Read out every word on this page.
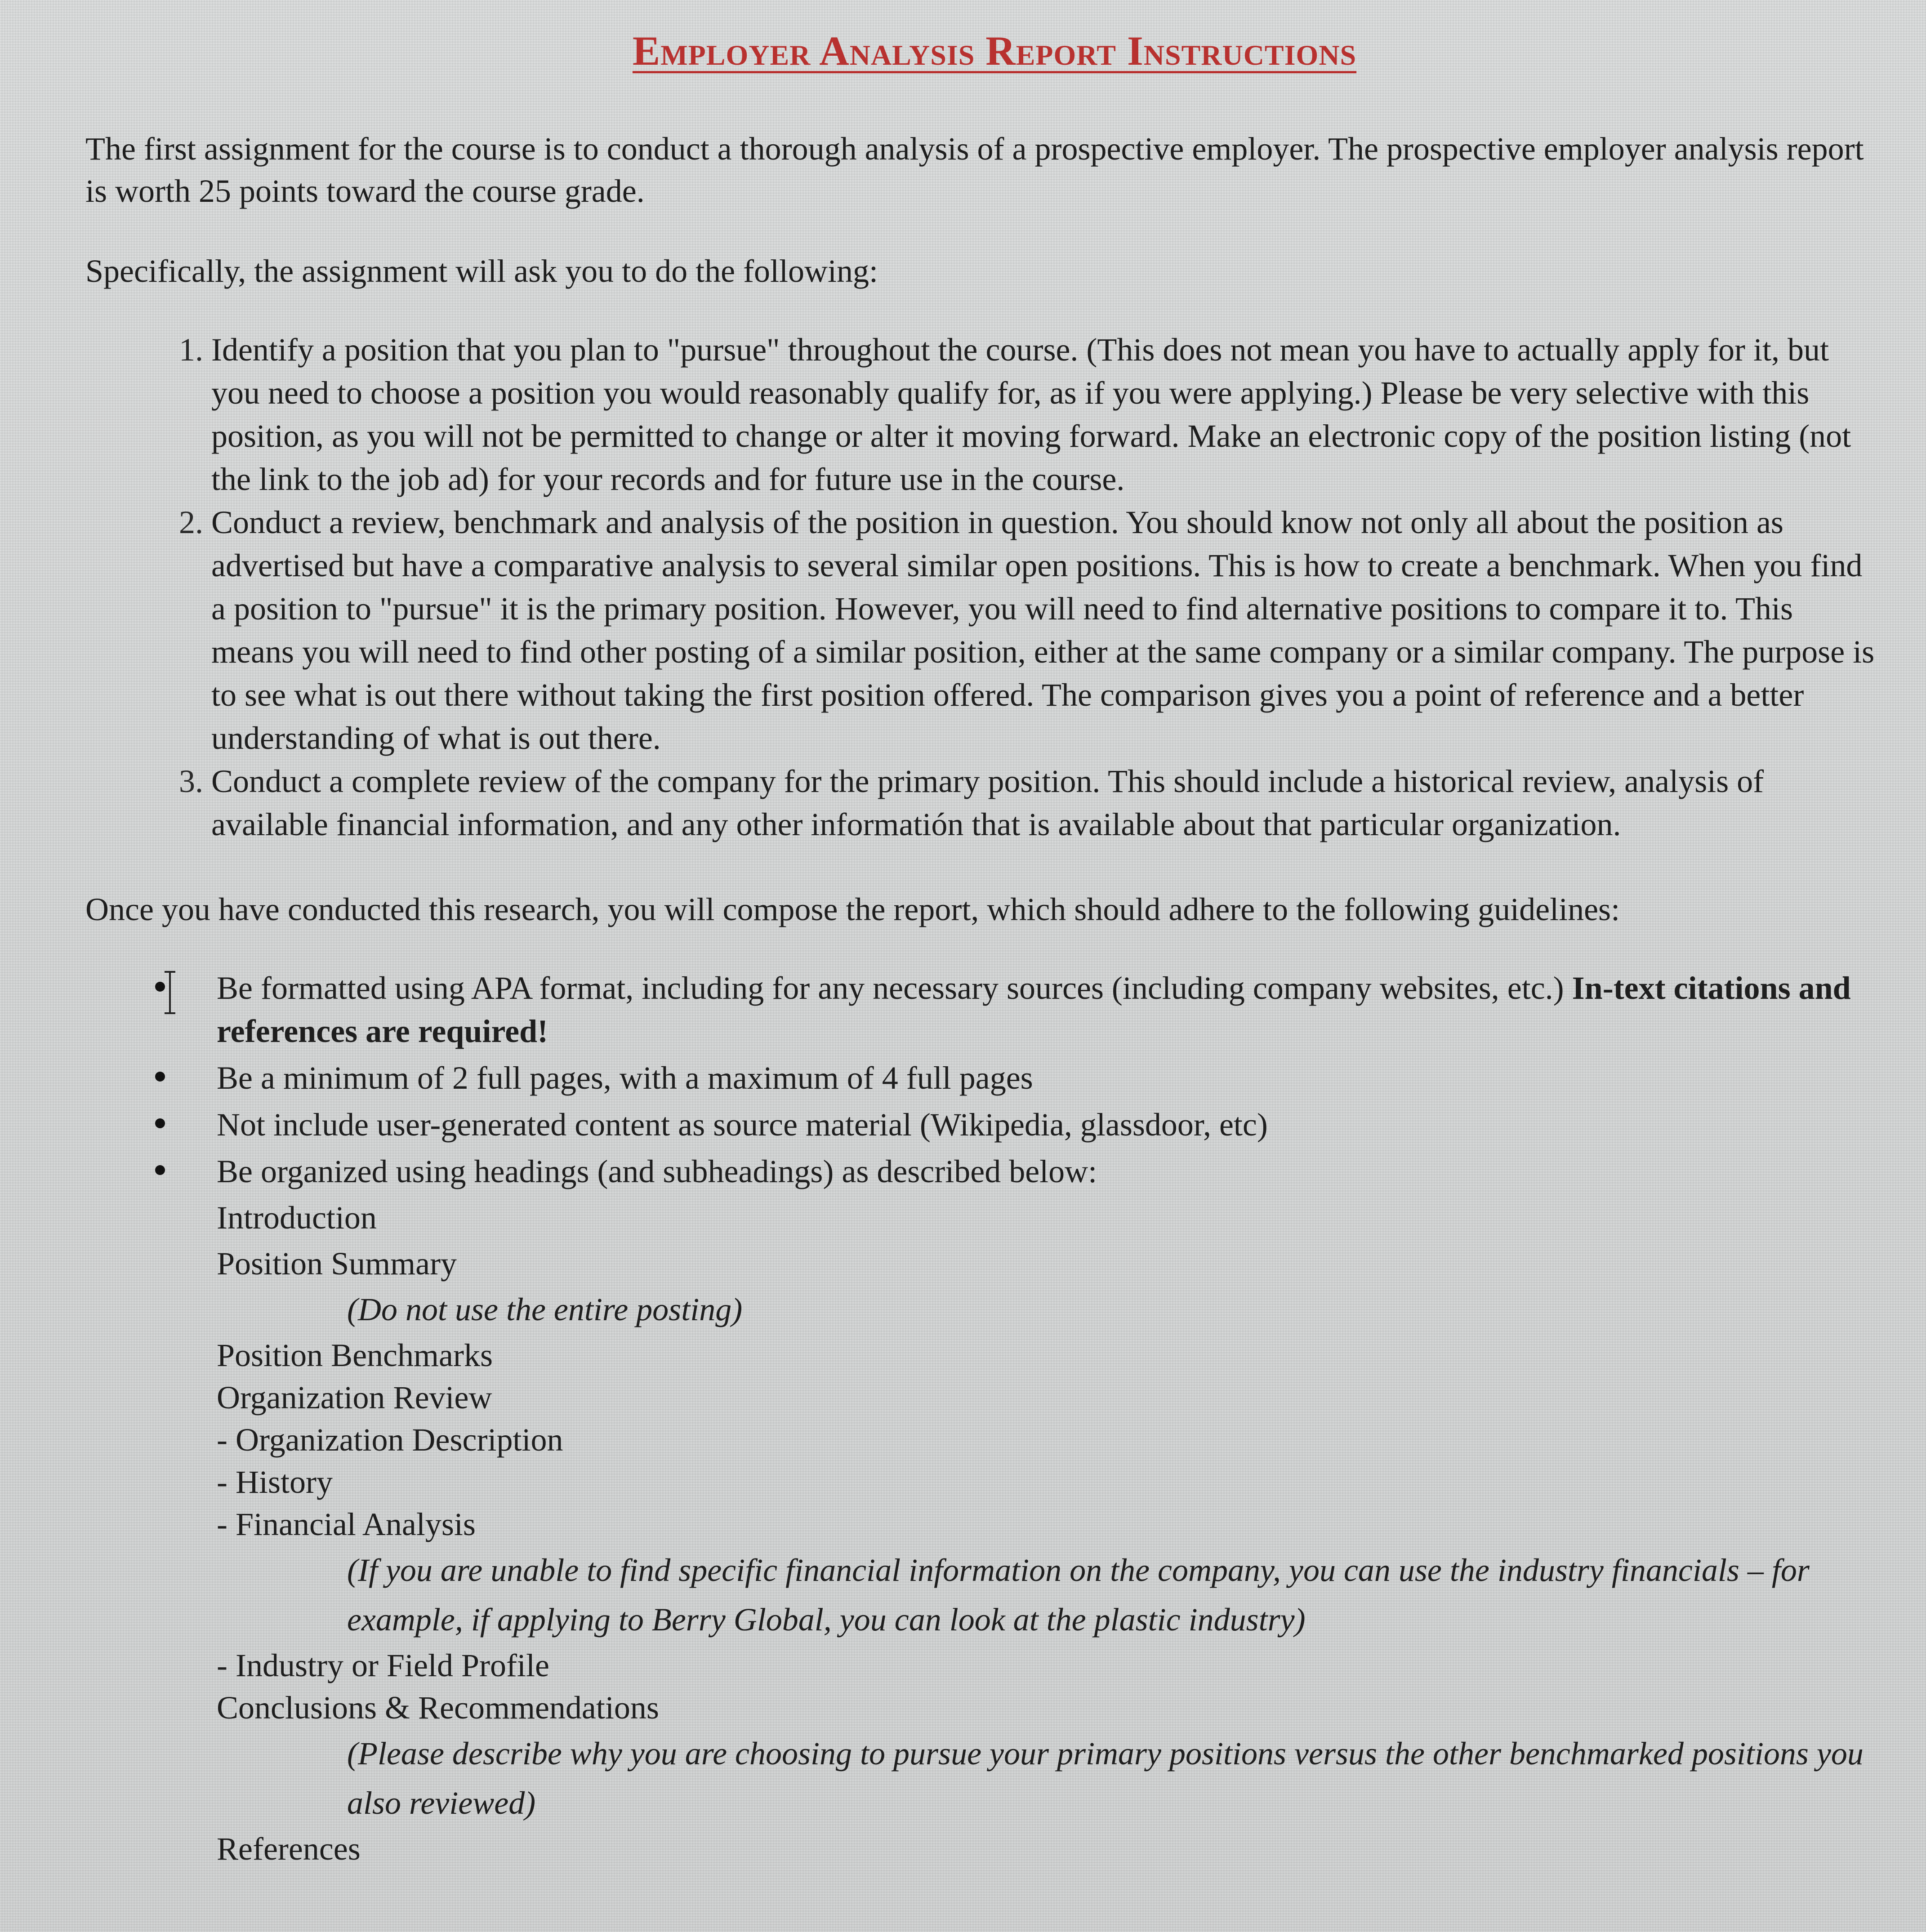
Employer Analysis Report Instructions

The first assignment for the course is to conduct a thorough analysis of a prospective employer. The prospective employer analysis report is worth 25 points toward the course grade.

Specifically, the assignment will ask you to do the following:

1. Identify a position that you plan to "pursue" throughout the course. (This does not mean you have to actually apply for it, but you need to choose a position you would reasonably qualify for, as if you were applying.) Please be very selective with this position, as you will not be permitted to change or alter it moving forward. Make an electronic copy of the position listing (not the link to the job ad) for your records and for future use in the course.
2. Conduct a review, benchmark and analysis of the position in question. You should know not only all about the position as advertised but have a comparative analysis to several similar open positions. This is how to create a benchmark. When you find a position to "pursue" it is the primary position. However, you will need to find alternative positions to compare it to. This means you will need to find other posting of a similar position, either at the same company or a similar company. The purpose is to see what is out there without taking the first position offered. The comparison gives you a point of reference and a better understanding of what is out there.
3. Conduct a complete review of the company for the primary position. This should include a historical review, analysis of available financial information, and any other informatión that is available about that particular organization.

Once you have conducted this research, you will compose the report, which should adhere to the following guidelines:

Be formatted using APA format, including for any necessary sources (including company websites, etc.) In-text citations and references are required!
Be a minimum of 2 full pages, with a maximum of 4 full pages
Not include user-generated content as source material (Wikipedia, glassdoor, etc)
Be organized using headings (and subheadings) as described below:

Introduction

Position Summary

(Do not use the entire posting)

Position Benchmarks

Organization Review

- Organization Description

- History

- Financial Analysis

(If you are unable to find specific financial information on the company, you can use the industry financials – for example, if applying to Berry Global, you can look at the plastic industry)

- Industry or Field Profile

Conclusions & Recommendations

(Please describe why you are choosing to pursue your primary positions versus the other benchmarked positions you also reviewed)

References
